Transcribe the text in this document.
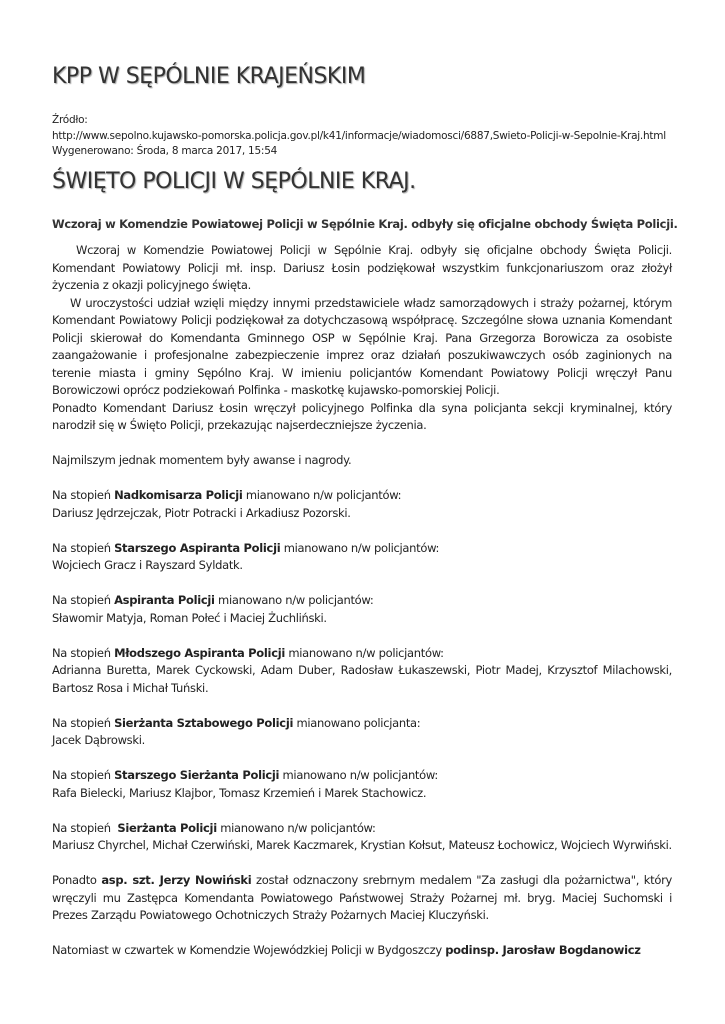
KPP W SĘPÓLNIE KRAJEŃSKIM
Źródło:
http://www.sepolno.kujawsko-pomorska.policja.gov.pl/k41/informacje/wiadomosci/6887,Swieto-Policji-w-Sepolnie-Kraj.html
Wygenerowano: Środa, 8 marca 2017, 15:54
ŚWIĘTO POLICJI W SĘPÓLNIE KRAJ.
Wczoraj w Komendzie Powiatowej Policji w Sępólnie Kraj. odbyły się oficjalne obchody Święta Policji.

Wczoraj w Komendzie Powiatowej Policji w Sępólnie Kraj. odbyły się oficjalne obchody Święta Policji. Komendant Powiatowy Policji mł. insp. Dariusz Łosin podziękował wszystkim funkcjonariuszom oraz złożył życzenia z okazji policyjnego święta.

W uroczystości udział wzięli między innymi przedstawiciele władz samorządowych i straży pożarnej, którym Komendant Powiatowy Policji podziękował za dotychczasową współpracę. Szczególne słowa uznania Komendant Policji skierował do Komendanta Gminnego OSP w Sępólnie Kraj. Pana Grzegorza Borowicza za osobiste zaangażowanie i profesjonalne zabezpieczenie imprez oraz działań poszukiwawczych osób zaginionych na terenie miasta i gminy Sępólno Kraj. W imieniu policjantów Komendant Powiatowy Policji wręczył Panu Borowiczowi oprócz podziekowań Polfinka - maskotkę kujawsko-pomorskiej Policji.

Ponadto Komendant Dariusz Łosin wręczył policyjnego Polfinka dla syna policjanta sekcji kryminalnej, który narodził się w Święto Policji, przekazując najserdeczniejsze życzenia.

Najmilszym jednak momentem były awanse i nagrody.

Na stopień Nadkomisarza Policji mianowano n/w policjantów:

Dariusz Jędrzejczak, Piotr Potracki i Arkadiusz Pozorski.

Na stopień Starszego Aspiranta Policji mianowano n/w policjantów:

Wojciech Gracz i Rayszard Syldatk.

Na stopień Aspiranta Policji mianowano n/w policjantów:

Sławomir Matyja, Roman Połeć i Maciej Żuchliński.

Na stopień Młodszego Aspiranta Policji mianowano n/w policjantów:

Adrianna Buretta, Marek Cyckowski, Adam Duber, Radosław Łukaszewski, Piotr Madej, Krzysztof Milachowski, Bartosz Rosa i Michał Tuński.

Na stopień Sierżanta Sztabowego Policji mianowano policjanta:

Jacek Dąbrowski.

Na stopień Starszego Sierżanta Policji mianowano n/w policjantów:

Rafa Bielecki, Mariusz Klajbor, Tomasz Krzemień i Marek Stachowicz.

Na stopień  Sierżanta Policji mianowano n/w policjantów:

Mariusz Chyrchel, Michał Czerwiński, Marek Kaczmarek, Krystian Kołsut, Mateusz Łochowicz, Wojciech Wyrwiński.

Ponadto asp. szt. Jerzy Nowiński został odznaczony srebrnym medalem "Za zasługi dla pożarnictwa", który wręczyli mu Zastępca Komendanta Powiatowego Państwowej Straży Pożarnej mł. bryg. Maciej Suchomski i Prezes Zarządu Powiatowego Ochotniczych Straży Pożarnych Maciej Kluczyński.

Natomiast w czwartek w Komendzie Wojewódzkiej Policji w Bydgoszczy podinsp. Jarosław Bogdanowicz
